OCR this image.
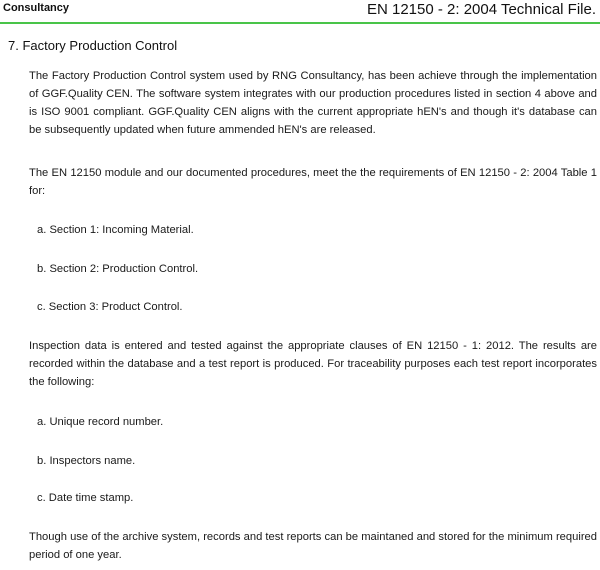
Consultancy	EN 12150 - 2: 2004 Technical File.
7. Factory Production Control

The Factory Production Control system used by RNG Consultancy, has been achieve through the implementation of GGF.Quality CEN. The software system integrates with our production procedures listed in section 4 above and is ISO 9001 compliant. GGF.Quality CEN aligns with the current appropriate hEN's and though it's database can be subsequently updated when future ammended hEN's are released.

The EN 12150 module and our documented procedures, meet the the requirements of EN 12150 - 2: 2004 Table 1 for:

a. Section 1: Incoming Material.
b. Section 2: Production Control.
c. Section 3: Product Control.

Inspection data is entered and tested against the appropriate clauses of EN 12150 - 1: 2012. The results are recorded within the database and a test report is produced. For traceability purposes each test report incorporates the following:

a. Unique record number.
b. Inspectors name.
c. Date time stamp.

Though use of the archive system, records and test reports can be maintaned and stored for the minimum required period of one year.
